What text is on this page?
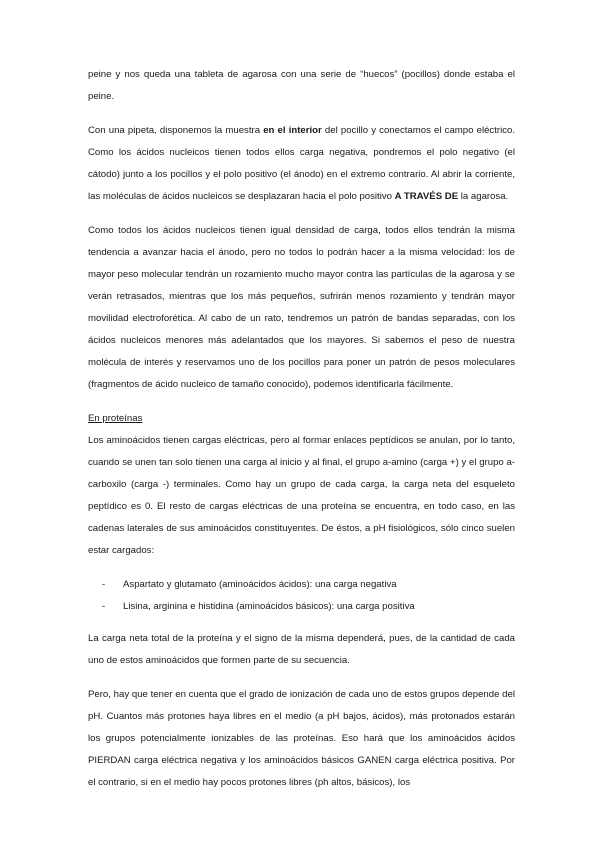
peine y nos queda una tableta de agarosa con una serie de “huecos” (pocillos) donde estaba el peine.

Con una pipeta, disponemos la muestra en el interior del pocillo y conectamos el campo eléctrico. Como los ácidos nucleicos tienen todos ellos carga negativa, pondremos el polo negativo (el cátodo) junto a los pocillos y el polo positivo (el ánodo) en el extremo contrario. Al abrir la corriente, las moléculas de ácidos nucleicos se desplazaran hacia el polo positivo A TRAVÉS DE la agarosa.

Como todos los ácidos nucleicos tienen igual densidad de carga, todos ellos tendrán la misma tendencia a avanzar hacia el ánodo, pero no todos lo podrán hacer a la misma velocidad: los de mayor peso molecular tendrán un rozamiento mucho mayor contra las partículas de la agarosa y se verán retrasados, mientras que los más pequeños, sufrirán menos rozamiento y tendrán mayor movilidad electroforética. Al cabo de un rato, tendremos un patrón de bandas separadas, con los ácidos nucleicos menores más adelantados que los mayores. Si sabemos el peso de nuestra molécula de interés y reservamos uno de los pocillos para poner un patrón de pesos moleculares (fragmentos de ácido nucleico de tamaño conocido), podemos identificarla fácilmente.

En proteínas

Los aminoácidos tienen cargas eléctricas, pero al formar enlaces peptídicos se anulan, por lo tanto, cuando se unen tan solo tienen una carga al inicio y al final, el grupo a-amino (carga +) y el grupo a-carboxilo (carga -) terminales. Como hay un grupo de cada carga, la carga neta del esqueleto peptídico es 0. El resto de cargas eléctricas de una proteína se encuentra, en todo caso, en las cadenas laterales de sus aminoácidos constituyentes. De éstos, a pH fisiológicos, sólo cinco suelen estar cargados:

- Aspartato y glutamato (aminoácidos ácidos): una carga negativa
- Lisina, arginina e histidina (aminoácidos básicos): una carga positiva

La carga neta total de la proteína y el signo de la misma dependerá, pues, de la cantidad de cada uno de estos aminoácidos que formen parte de su secuencia.

Pero, hay que tener en cuenta que el grado de ionización de cada uno de estos grupos depende del pH. Cuantos más protones haya libres en el medio (a pH bajos, ácidos), más protonados estarán los grupos potencialmente ionizables de las proteínas. Eso hará que los aminoácidos ácidos PIERDAN carga eléctrica negativa y los aminoácidos básicos GANEN carga eléctrica positiva. Por el contrario, si en el medio hay pocos protones libres (ph altos, básicos), los
